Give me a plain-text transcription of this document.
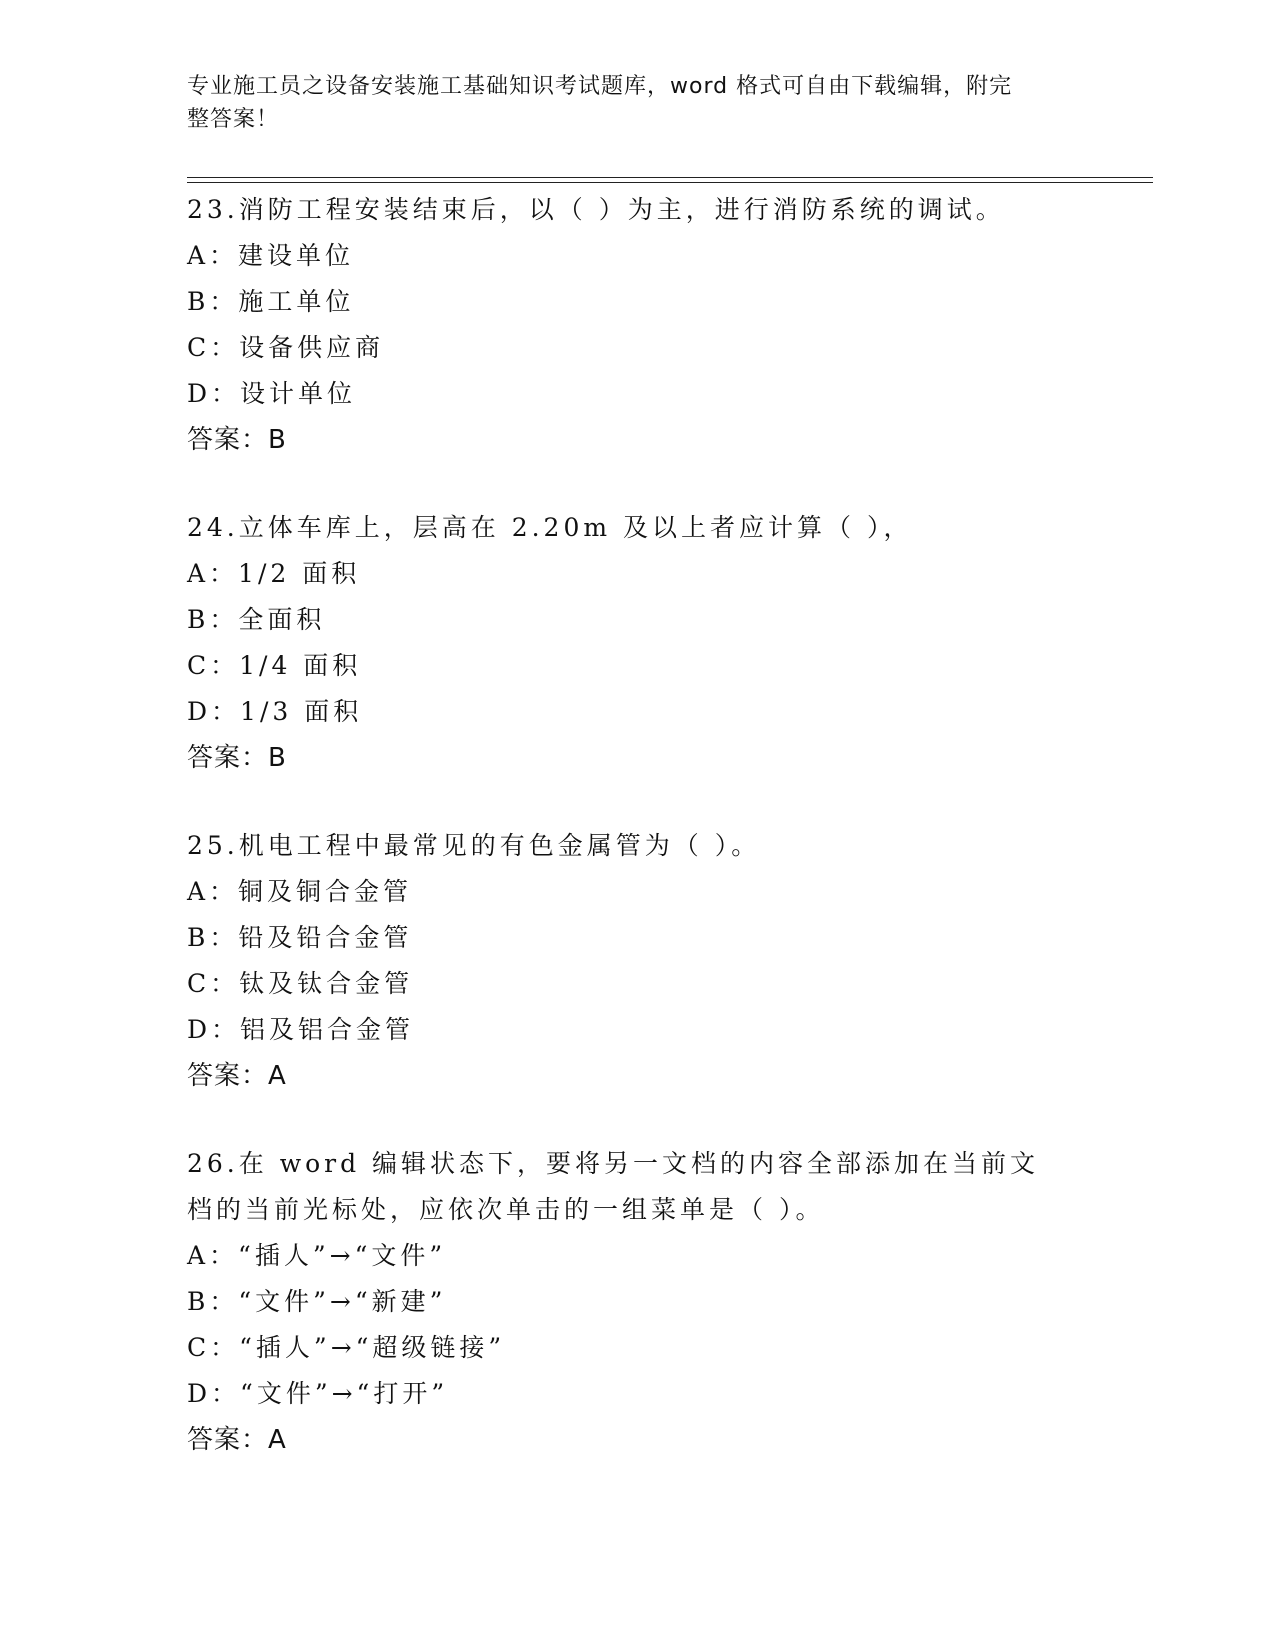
专业施工员之设备安装施工基础知识考试题库，word 格式可自由下载编辑，附完
整答案！
23.消防工程安装结束后，以（ ）为主，进行消防系统的调试。
A：建设单位
B：施工单位
C：设备供应商
D：设计单位
答案：B
24.立体车库上，层高在 2.20m 及以上者应计算（ ），
A：1/2 面积
B：全面积
C：1/4 面积
D：1/3 面积
答案：B
25.机电工程中最常见的有色金属管为（ ）。
A：铜及铜合金管
B：铅及铅合金管
C：钛及钛合金管
D：铝及铝合金管
答案：A
26.在 word 编辑状态下，要将另一文档的内容全部添加在当前文档的当前光标处，应依次单击的一组菜单是（ ）。
A：“插人”→“文件”
B：“文件”→“新建”
C：“插人”→“超级链接”
D：“文件”→“打开”
答案：A
